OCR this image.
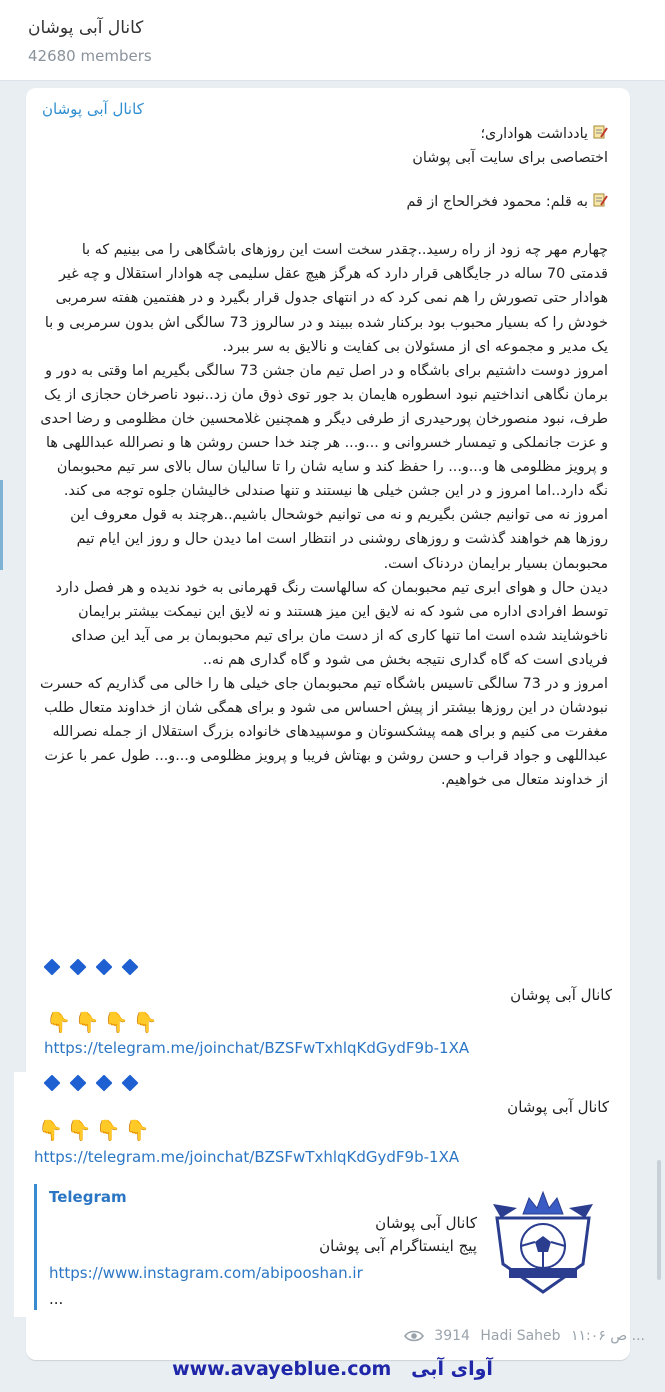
کانال آبی پوشان
42680 members
کانال آبی پوشان

یادداشت هواداری؛

اختصاصی برای سایت آبی پوشان

به قلم: محمود فخرالحاج از قم

چهارم مهر چه زود از راه رسید..چقدر سخت است این روزهای باشگاهی را می بینیم که با قدمتی 70 ساله در جایگاهی قرار دارد که هرگز هیچ عقل سلیمی چه هوادار استقلال و چه غیر هوادار حتی تصورش را هم نمی کرد که در انتهای جدول قرار بگیرد و در هفتمین هفته سرمربی خودش را که بسیار محبوب بود برکنار شده ببیند و در سالروز 73 سالگی اش بدون سرمربی و با یک مدیر و مجموعه ای از مسئولان بی کفایت و نالایق به سر ببرد.

امروز دوست داشتیم برای باشگاه و در اصل تیم مان جشن 73 سالگی بگیریم اما وقتی به دور و برمان نگاهی انداختیم نبود اسطوره هایمان بد جور توی ذوق مان زد..نبود ناصرخان حجازی از یک طرف، نبود منصورخان پورحیدری از طرفی دیگر و همچنین غلامحسین خان مظلومی و رضا احدی و عزت جانملکی و تیمسار خسروانی و ...و... هر چند خدا حسن روشن ها و نصرالله عبداللهی ها و پرویز مظلومی ها و...و... را حفظ کند و سایه شان را تا سالیان سال بالای سر تیم محبوبمان نگه دارد..اما امروز و در این جشن خیلی ها نیستند و تنها صندلی خالیشان جلوه توجه می کند.

امروز نه می توانیم جشن بگیریم و نه می توانیم خوشحال باشیم..هرچند به قول معروف این روزها هم خواهند گذشت و روزهای روشنی در انتظار است اما دیدن حال و روز این ایام تیم محبوبمان بسیار برایمان دردناک است.

دیدن حال و هوای ابری تیم محبوبمان که سالهاست رنگ قهرمانی به خود ندیده و هر فصل دارد توسط افرادی اداره می شود که نه لایق این میز هستند و نه لایق این نیمکت بیشتر برایمان ناخوشایند شده است اما تنها کاری که از دست مان برای تیم محبوبمان بر می آید این صدای فریادی است که گاه گداری نتیجه بخش می شود و گاه گداری هم نه..

امروز و در 73 سالگی تاسیس باشگاه تیم محبوبمان جای خیلی ها را خالی می گذاریم که حسرت نبودشان در این روزها بیشتر از پیش احساس می شود و برای همگی شان از خداوند متعال طلب مغفرت می کنیم و برای همه پیشکسوتان و موسپیدهای خانواده بزرگ استقلال از جمله نصرالله عبداللهی و جواد قراب و حسن روشن و بهتاش فریبا و پرویز مظلومی و...و... طول عمر با عزت از خداوند متعال می خواهیم.

کانال آبی پوشان
👇👇👇👇
https://telegram.me/joinchat/BZSFwTxhlqKdGydF9b-1XA
کانال آبی پوشان
👇👇👇👇
https://telegram.me/joinchat/BZSFwTxhlqKdGydF9b-1XA
Telegram
کانال آبی پوشان
پیج اینستاگرام آبی پوشان
https://www.instagram.com/abipooshan.ir
...
3914 Hadi Saheb ص ۱۱:۰۶ ...
www.avayeblue.com آوای آبی
